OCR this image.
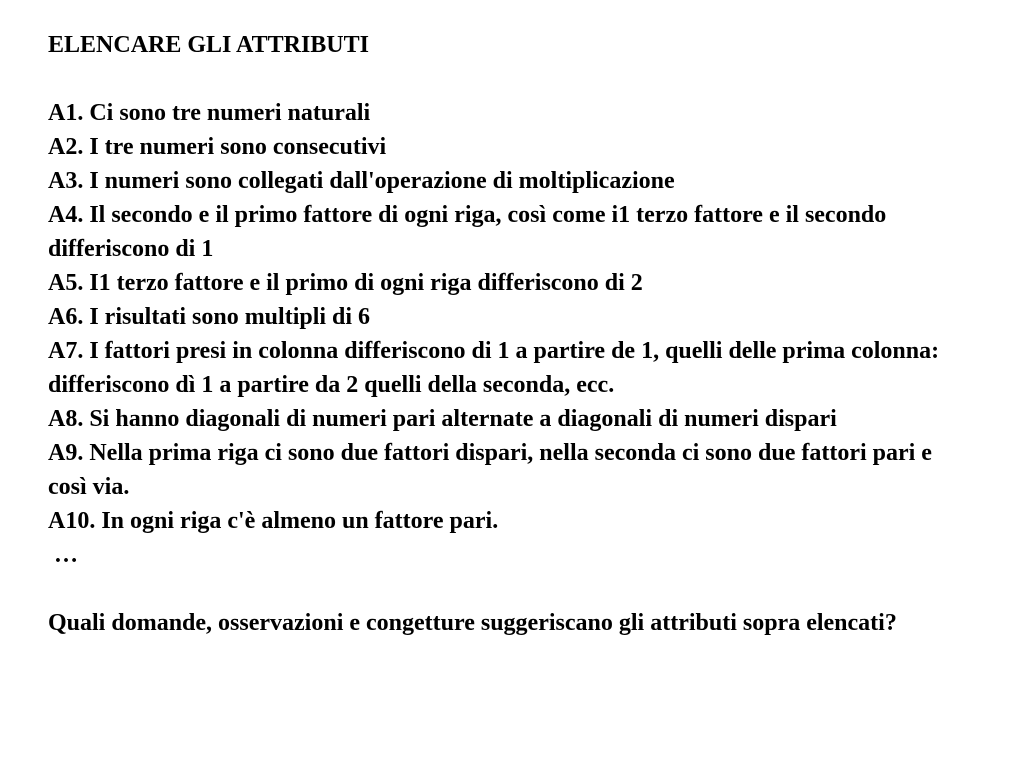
ELENCARE GLI ATTRIBUTI
A1. Ci sono tre numeri naturali
A2. I tre numeri sono consecutivi
A3. I numeri sono collegati dall'operazione di moltiplicazione
A4. Il secondo e il primo fattore di ogni riga, così come i1 terzo fattore e il secondo differiscono di 1
A5. I1 terzo fattore e il primo di ogni riga differiscono di 2
A6. I risultati sono multipli di 6
A7. I fattori presi in colonna differiscono di 1 a partire de 1, quelli delle prima colonna: differiscono dì 1 a partire da 2 quelli della seconda, ecc.
A8. Si hanno diagonali di numeri pari alternate a diagonali di numeri dispari
A9. Nella prima riga ci sono due fattori dispari, nella seconda ci sono due fattori pari e così via.
A10. In ogni riga c'è almeno un fattore pari.
…
Quali domande, osservazioni e congetture suggeriscano gli attributi sopra elencati?
